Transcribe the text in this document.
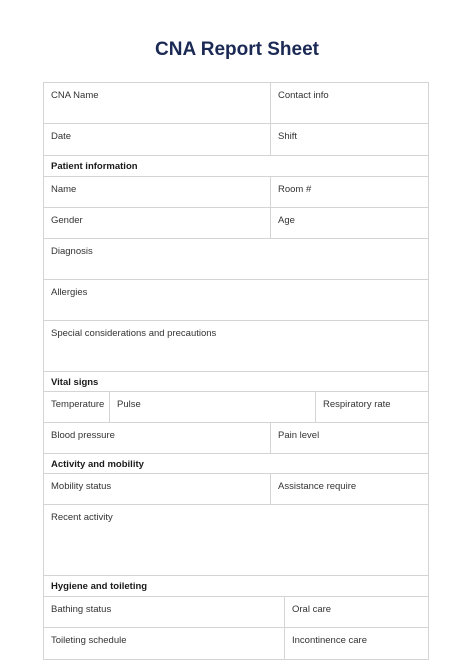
CNA Report Sheet
CNA Name	Contact info
Date	Shift
Patient information
Name	Room #
Gender	Age
Diagnosis
Allergies
Special considerations and precautions
Vital signs
Temperature	Pulse	Respiratory rate
Blood pressure	Pain level
Activity and mobility
Mobility status	Assistance require
Recent activity
Hygiene and toileting
Bathing status	Oral care
Toileting schedule	Incontinence care
